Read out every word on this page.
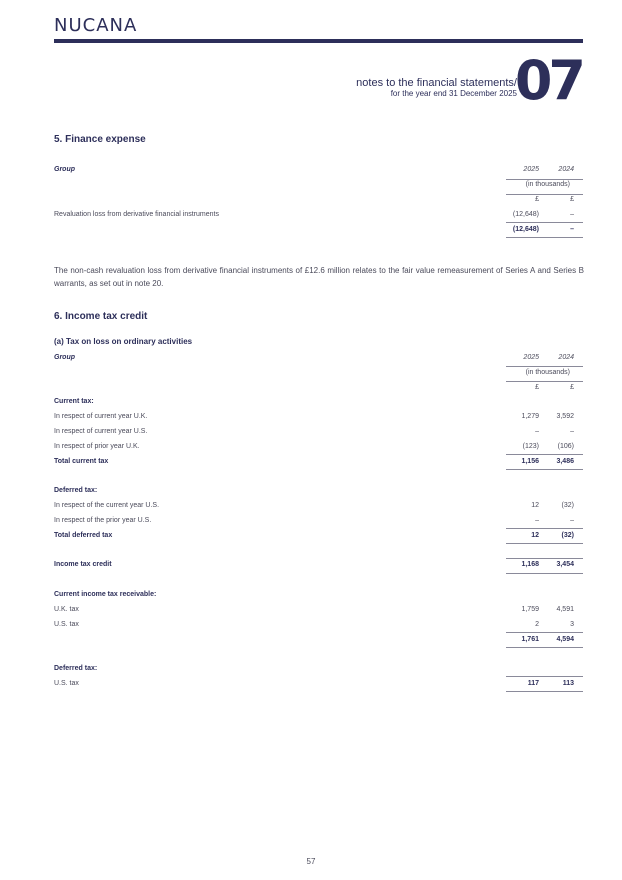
NUCANA
notes to the financial statements/
for the year end 31 December 2025
07
5. Finance expense
Group	2025	2024
(in thousands)
£	£
Revaluation loss from derivative financial instruments	(12,648)	–
(12,648)	–
The non-cash revaluation loss from derivative financial instruments of £12.6 million relates to the fair value remeasurement of Series A and Series B warrants, as set out in note 20.
6. Income tax credit
(a) Tax on loss on ordinary activities
Group	2025	2024
(in thousands)
£	£
Current tax:
In respect of current year U.K.	1,279 3,592
In respect of current year U.S.	–	–
In respect of prior year U.K.	(123)	(106)
Total current tax	1,156 3,486
Deferred tax:
In respect of the current year U.S.	12	(32)
In respect of the prior year U.S.	–	–
Total deferred tax	12	(32)
Income tax credit	1,168 3,454
Current income tax receivable:
U.K. tax	1,759 4,591
U.S. tax	2	3
1,761 4,594
Deferred tax:
U.S. tax	117	113
57
